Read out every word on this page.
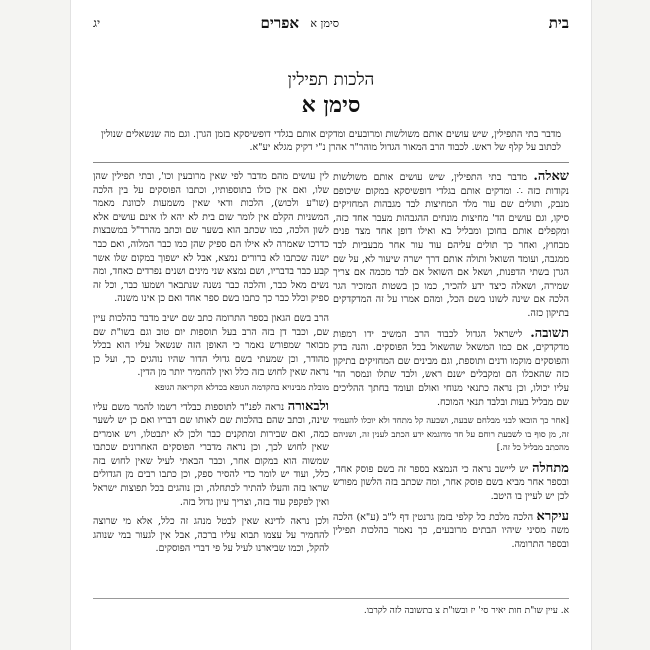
בית
סימן א
אפרים
יג
הלכות תפילין
סימן א
מדבר בתי התפילין, שיש עושים אותם משולשות ומרובעים ומדקים אותם בגלדי דופשיסקא בזמן הגרן. וגם מה שנשאלים שנולין לכתוב על קלף של ראש. לכבוד הרב המאור הגדול מוהר"ר אהרן נ"י דקיק מגלא יע"א.

שאלה. מדבר בתי התפילין, שיש עושים אותם משולשות נקודות כזה ∴ ומדקים אותם בגלדי דופשיסקא במקום שיכופם מנבק, ותולים שם עור מלד המחיצות לבד מגבהות המחזיקים סיקו, וגם עושים הד' מחיצות מונחים ההגבהות מעבר אחד כזה, ומקפלים אותם בחוכן ומבליל בא ואילו דופן אחד מצד פנים מבחוץ, ואחר כך תולים עליהם עוד עור אחר מבעביות לבד ממגבה, ועומד השואל ותולה אותם דרך ישרה שיעור לא, על שם הגרן בשתי הדפנות, ושאל אם השואל אם לבד מכמה אם צריך שמירה, ושאלה כיצד ידע להכיר, כמו כן בשטות המזכיר הגר הלכה אם שינה לשונו בשם הכל, ומהם אמרו על זה המדקדקים בתיקון כזה.

תשובה. לישראל הגדול לכבוד הרב המשיב ידו רמפות מדקדקים, אם כמו המשאל שהשאול בכל הפוסקים. והנה בדק והפוסקים מוקמו ודנים ותוספת, וגם מבינים שם המחזיקים בתיקון כזה שהאכלו הם ומקבלים ישנם ראש, ולבד שתלו ונמסר הד' עליו יכולו, וכן נראה כתנאי מנוחי ואולם ועומד בחתך ההליכים שם מבליל בעות ובלבד תנאי המוכח.

[אחר כך הובאו לבני מבלחם שבעה, ושבעה קל מתחד ולא יוכלו להעמיד זה, מן סוף בו לשבעת רוחם על חד מדוגמא ידע הכתב לענין זה, ושניהם מהכתב מבליל כל זה.]

מתחלה יש ליישב נראה כי הנמצא בספר זה בשם פוסק אחד, ובספר אחר מביא בשם פוסק אחר, ומה שכתב בזה הלשון מפורש לכן יש לעיין בו היטב.

עיקרא הלכה מלכת כל קלפי בזמן גרנטין דף ל"ב (ע"א) הלכה משה מסיני שיהיו הבתים מרובעים, כך נאמר בהלכות תפילין ובספר התרומה.

לין עושים מהם מדבר לפי שאין מרובעין וכו', ובתי תפילין שהן שלו, ואם אין כולו בתוספותיו, וכתבו הפוסקים על בין הלכה (שו"ע ולכוש), הלכות ודאי שאין משמעות לכוונת מאמר המשניות הקלם אין לומר שום בית לא יהא לו אינם עושים אלא לשון הלכה, כמו שכתב הוא בשער שם וכתב מהרד"ל במשבצות כדרכו שאמרה לא אילו הם ספיק שהן כמו כבר המלוה, ואם כבר ישנה שכתבו לא ברורים נמצא, אבל לא ישפוך במקום שלו אשר קבע כבר בדבריו, ושם נמצא שני מינים ושנים נפרדים כאחד, ומה נשים מאל כבר, והלכה כבר נשנה שנתבאר ושמעו כבר, וכל זה ספיק וכלל כבר כך כתבו בשם ספר אחד ואם כן אינו משנה.

הרב בשם הגאון בספר התרומה כתב שם ישיב מדבר בהלכות עיין שם, וכבר דן בזה הרב בעל תוספות יום טוב וגם בשו"ת שם מבואר שמפורש נאמר כי האופן הזה שנשאל עליו הוא בכלל מהודר, וכן שמעתי בשם גדולי הדור שהיו נוהגים כך, ועל כן נראה שאין לחוש בזה כלל ואין להחמיר יותר מן הדין.

מובלת מבינויא בהקדמה הגופא בכדלא הקריאה הגופא

ולבאורה נראה לפנ"ד לתוספות כבלדי רשמו להמר משם עליו שינה, וכתב שהם בהלכות שם לאותו שם דבריו ואם כן יש לשער כמה, ואם שבירות ומתקנים כבר ולכן לא יתבטלו, ויש אומרים שאין לחוש לכך, וכן נראה מדברי הפוסקים האחרונים שכתבו שמשוה הוא במקום אחר, וכבר הבאתי לעיל שאין לחוש בזה כלל, ועוד יש לומר כדי להסיר ספק, וכן כתבו רבים מן הגדולים שראו בזה והעלו להתיר לכתחלה, וכן נוהגים בכל תפוצות ישראל ואין לפקפק עוד בזה, וצריך עיון גדול בזה.

ולכן נראה לדינא שאין לבטל מנהג זה כלל, אלא מי שרוצה להחמיר על עצמו תבוא עליו ברכה, אבל אין לגעור במי שנוהג להקל, וכמו שביארנו לעיל על פי דברי הפוסקים.

א. עיין שו"ת חות יאיר סי' יז ובשו"ת צ בתשובה לזה לקרבו.
